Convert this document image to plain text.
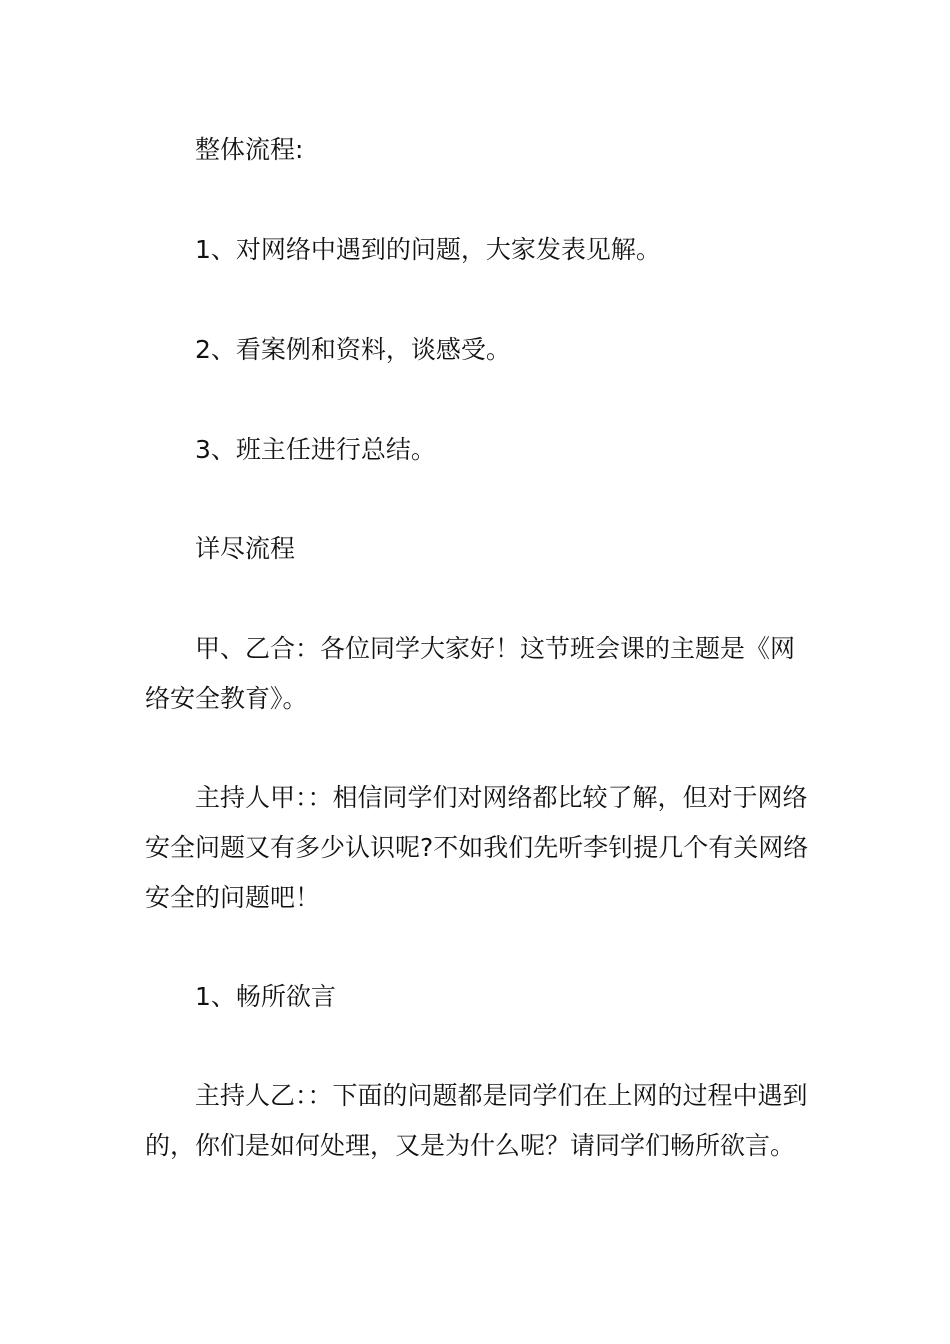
整体流程:

1、对网络中遇到的问题，大家发表见解。

2、看案例和资料，谈感受。

3、班主任进行总结。

详尽流程

甲、乙合：各位同学大家好！这节班会课的主题是《网络安全教育》。

主持人甲：：相信同学们对网络都比较了解，但对于网络安全问题又有多少认识呢?不如我们先听李钊提几个有关网络安全的问题吧！

1、畅所欲言

主持人乙：：下面的问题都是同学们在上网的过程中遇到的，你们是如何处理，又是为什么呢？请同学们畅所欲言。
